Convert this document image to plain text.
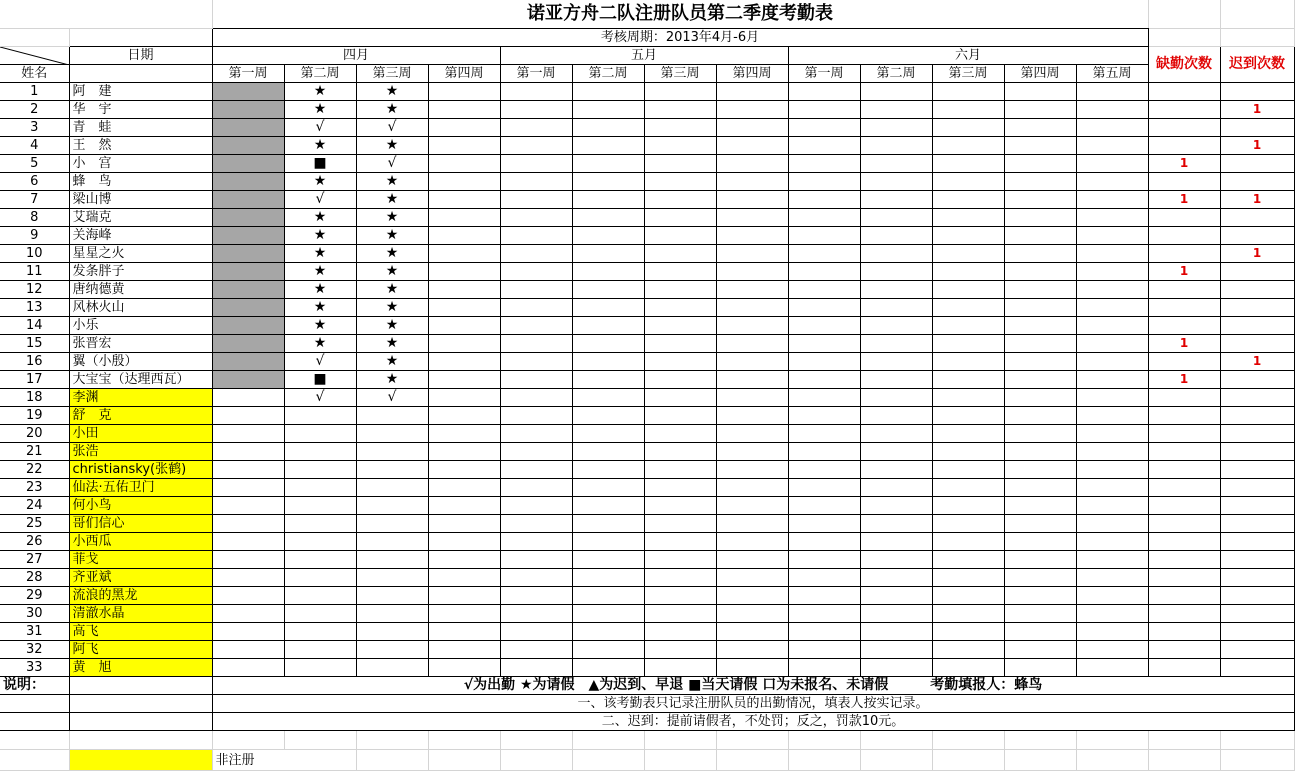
		诺亚方舟二队注册队员第二季度考勤表														
		考核周期：2013年4月-6月														

	日期	四月				五月				六月					缺勤次数	迟到次数
姓名		第一周	第二周	第三周	第四周	第一周	第二周	第三周	第四周	第一周	第二周	第三周	第四周	第五周		
1	阿　建		★	★												
2	华　宇		★	★												1
3	青　蛙		√	√												
4	王　然		★	★												1
5	小　宫		■	√											1	
6	蜂　鸟		★	★												
7	梁山博		√	★											1	1
8	艾瑞克		★	★												
9	关海峰		★	★												
10	星星之火		★	★												1
11	发条胖子		★	★											1	
12	唐纳德黄		★	★												
13	风林火山		★	★												
14	小乐		★	★												
15	张晋宏		★	★											1	
16	翼（小殷）		√	★												1
17	大宝宝（达理西瓦）		■	★											1	
18	李渊		√	√												
19	舒　克															
20	小田															
21	张浩															
22	christiansky(张鹤)															
23	仙法·五佑卫门															
24	何小鸟															
25	哥们信心															
26	小西瓜															
27	菲戈															
28	齐亚斌															
29	流浪的黑龙															
30	清澈水晶															
31	高飞															
32	阿飞															
33	黄　旭															
说明：		√为出勤 ★为请假　▲为迟到、早退 ■当天请假 口为未报名、未请假　　　考勤填报人：蜂鸟														
		一、该考勤表只记录注册队员的出勤情况，填表人按实记录。														
		二、迟到：提前请假者，不处罚；反之，罚款10元。														

		非注册														
